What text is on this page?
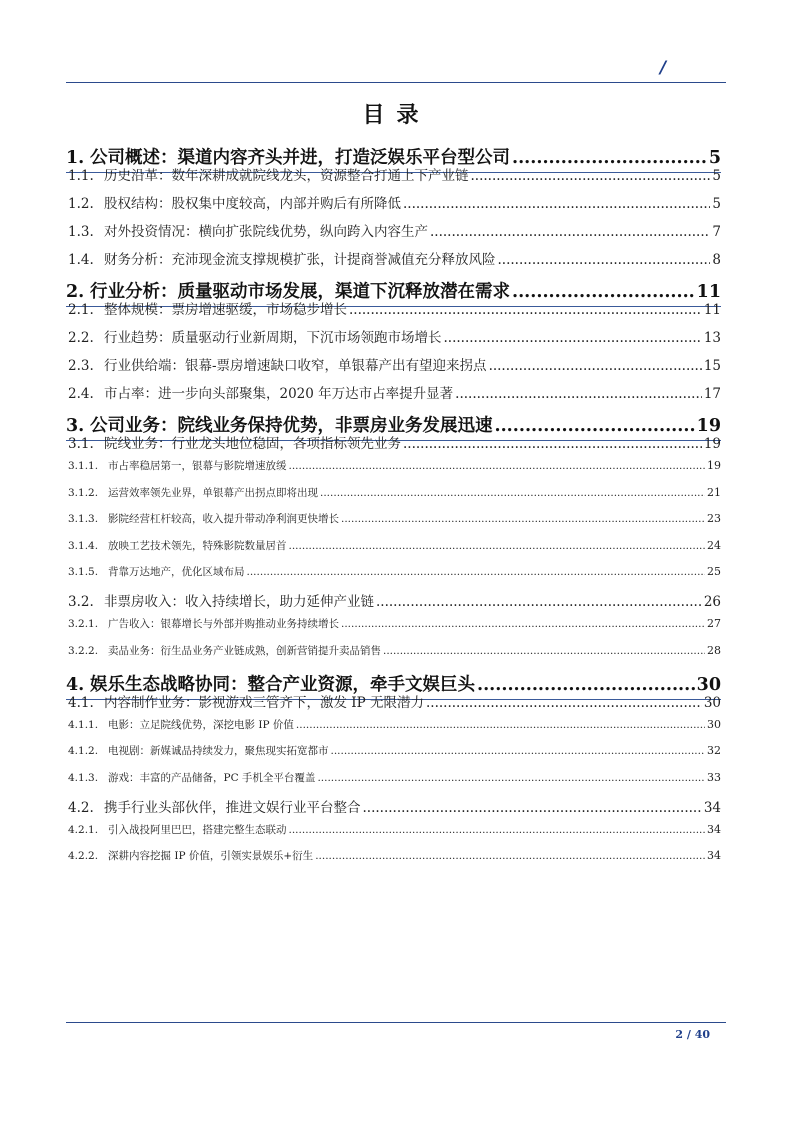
/
目录
1. 公司概述：渠道内容齐头并进，打造泛娱乐平台型公司 .....	5
1.1. 历史沿革：数年深耕成就院线龙头，资源整合打通上下产业链 .....	5
1.2. 股权结构：股权集中度较高，内部并购后有所降低 .....	5
1.3. 对外投资情况：横向扩张院线优势，纵向跨入内容生产 .....	7
1.4. 财务分析：充沛现金流支撑规模扩张，计提商誉减值充分释放风险 .....	8
2. 行业分析：质量驱动市场发展，渠道下沉释放潜在需求 .....	11
2.1. 整体规模：票房增速驱缓，市场稳步增长 .....	11
2.2. 行业趋势：质量驱动行业新周期，下沉市场领跑市场增长 .....	13
2.3. 行业供给端：银幕-票房增速缺口收窄，单银幕产出有望迎来拐点 .....	15
2.4. 市占率：进一步向头部聚集，2020 年万达市占率提升显著 .....	17
3. 公司业务：院线业务保持优势，非票房业务发展迅速 .....	19
3.1. 院线业务：行业龙头地位稳固，各项指标领先业务 .....	19
3.1.1. 市占率稳居第一，银幕与影院增速放缓 .....	19
3.1.2. 运营效率领先业界，单银幕产出拐点即将出现 .....	21
3.1.3. 影院经营杠杆较高，收入提升带动净利润更快增长 .....	23
3.1.4. 放映工艺技术领先，特殊影院数量居首 .....	24
3.1.5. 背靠万达地产，优化区域布局 .....	25
3.2. 非票房收入：收入持续增长，助力延伸产业链 .....	26
3.2.1. 广告收入：银幕增长与外部并购推动业务持续增长 .....	27
3.2.2. 卖品业务：衍生品业务产业链成熟，创新营销提升卖品销售 .....	28
4. 娱乐生态战略协同：整合产业资源，牵手文娱巨头 .....	30
4.1. 内容制作业务：影视游戏三管齐下，激发 IP 无限潜力 .....	30
4.1.1. 电影：立足院线优势，深挖电影 IP 价值 .....	30
4.1.2. 电视剧：新媒诚品持续发力，聚焦现实拓宽都市 .....	32
4.1.3. 游戏：丰富的产品储备，PC 手机全平台覆盖 .....	33
4.2. 携手行业头部伙伴，推进文娱行业平台整合 .....	34
4.2.1. 引入战投阿里巴巴，搭建完整生态联动 .....	34
4.2.2. 深耕内容挖掘 IP 价值，引领实景娱乐+衍生 .....	34
2 / 40
